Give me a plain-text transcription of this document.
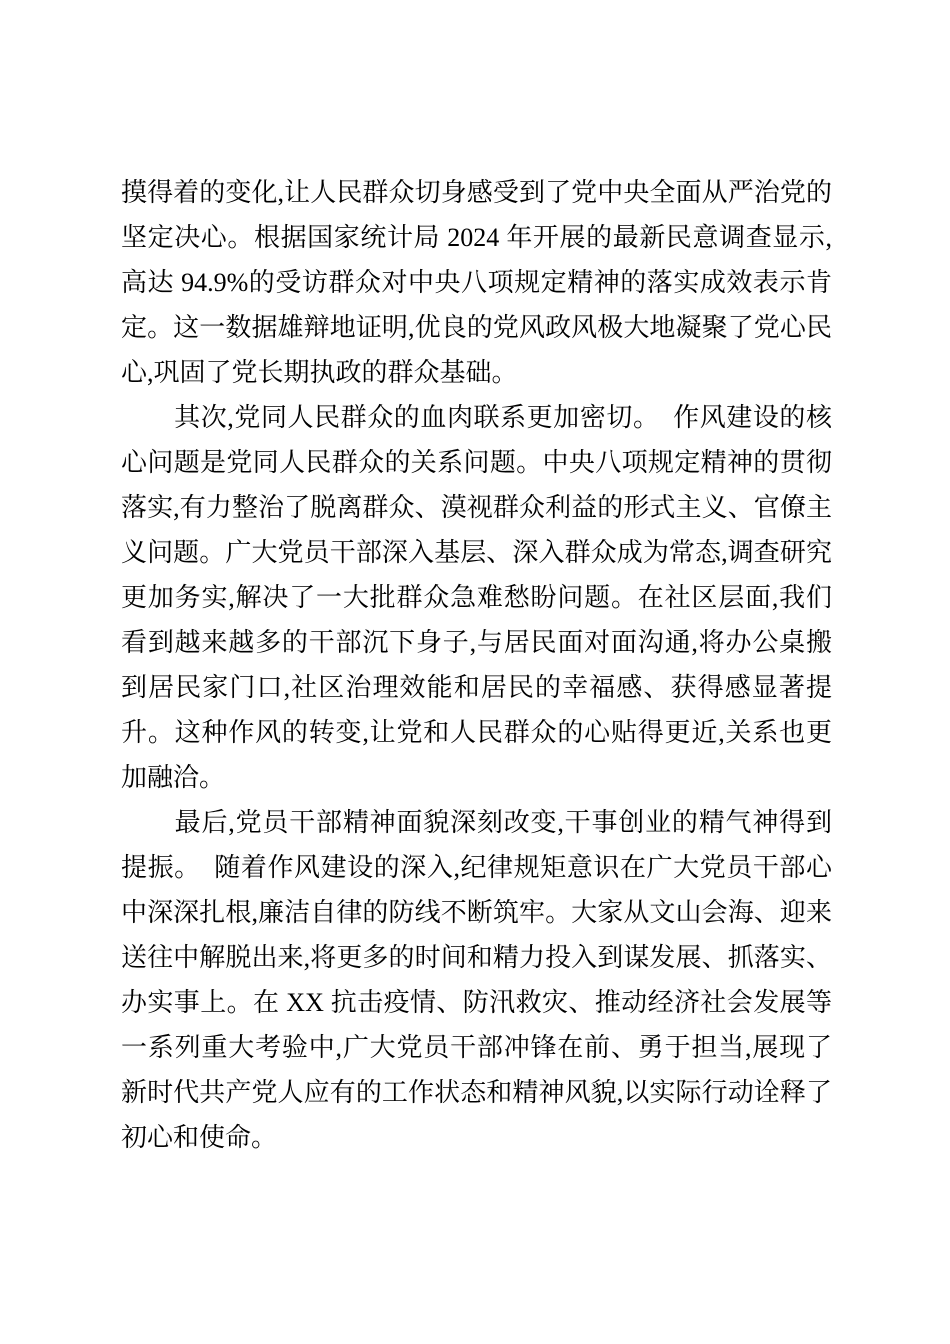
摸得着的变化,让人民群众切身感受到了党中央全面从严治党的坚定决心。根据国家统计局 2024 年开展的最新民意调查显示,高达 94.9%的受访群众对中央八项规定精神的落实成效表示肯定。这一数据雄辩地证明,优良的党风政风极大地凝聚了党心民心,巩固了党长期执政的群众基础。

　　其次,党同人民群众的血肉联系更加密切。　作风建设的核心问题是党同人民群众的关系问题。中央八项规定精神的贯彻落实,有力整治了脱离群众、漠视群众利益的形式主义、官僚主义问题。广大党员干部深入基层、深入群众成为常态,调查研究更加务实,解决了一大批群众急难愁盼问题。在社区层面,我们看到越来越多的干部沉下身子,与居民面对面沟通,将办公桌搬到居民家门口,社区治理效能和居民的幸福感、获得感显著提升。这种作风的转变,让党和人民群众的心贴得更近,关系也更加融洽。

　　最后,党员干部精神面貌深刻改变,干事创业的精气神得到提振。　随着作风建设的深入,纪律规矩意识在广大党员干部心中深深扎根,廉洁自律的防线不断筑牢。大家从文山会海、迎来送往中解脱出来,将更多的时间和精力投入到谋发展、抓落实、办实事上。在 XX 抗击疫情、防汛救灾、推动经济社会发展等一系列重大考验中,广大党员干部冲锋在前、勇于担当,展现了新时代共产党人应有的工作状态和精神风貌,以实际行动诠释了初心和使命。
